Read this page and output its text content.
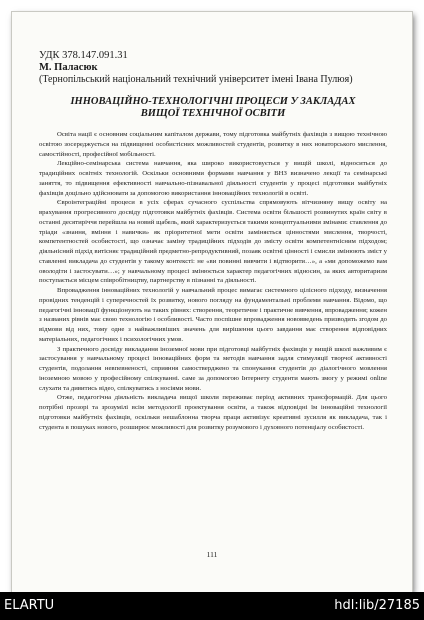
УДК 378.147.091.31
М. Паласюк
(Тернопільський національний технічний університет імені Івана Пулюя)
ІННОВАЦІЙНО-ТЕХНОЛОГІЧНІ ПРОЦЕСИ У ЗАКЛАДАХ
ВИЩОЇ ТЕХНІЧНОЇ ОСВІТИ

Освіта нації є основним соціальним капіталом держави, тому підготовка майбутніх фахівців з вищою технічною освітою зосереджується на підвищенні особистісних можливостей студентів, розвитку в них новаторського мислення, самостійності, професійної мобільності.

Лекційно-семінарська система навчання, яка широко використовується у вищій школі, відноситься до традиційних освітніх технологій. Оскільки основними формами навчання у ВНЗ визначено лекції та семінарські заняття, то підвищення ефективності навчально-пізнавальної діяльності студентів у процесі підготовки майбутніх фахівців доцільно здійснювати за допомогою використання інноваційних технологій в освіті.

Євроінтеграційні процеси в усіх сферах сучасного суспільства спрямовують вітчизняну вищу освіту на врахування прогресивного досвіду підготовки майбутніх фахівців. Система освіти більшості розвинутих країн світу в останні десятиріччя перейшла на новий щабель, який характеризується такими концептуальними змінами: ставлення до тріади «знання, вміння і навички» як пріоритетної мети освіти заміняється цінностями мислення, творчості, компетентностей особистості, що означає заміну традиційних підходів до змісту освіти компетентнісним підходом; діяльнісний підхід витісняє традиційний предметно-репродуктивний, позаяк освітні цінності і смисли змінюють зміст у ставленні викладача до студентів у такому контексті: не «ви повинні вивчити і відтворити…», а «ми допоможемо вам оволодіти і застосувати…»; у навчальному процесі змінюється характер педагогічних відносин, за яких авторитаризм поступається місцем співробітництву, партнерству в пізнанні та діяльності.

Впровадження інноваційних технологій у навчальний процес вимагає системного цілісного підходу, визначення провідних тенденцій і суперечностей їх розвитку, нового погляду на фундаментальні проблеми навчання. Відомо, що педагогічні інновації функціонують на таких рівнях: створення, теоретичне і практичне вивчення, впровадження; кожен з названих рівнів має свою технологію і особливості. Часто поспішне впровадження нововведень призводить згодом до відмови від них, тому одне з найважливіших значень для вирішення цього завдання має створення відповідних матеріальних, педагогічних і психологічних умов.

З практичного досвіду викладання іноземної мови при підготовці майбутніх фахівців у вищій школі важливим є застосування у навчальному процесі інноваційних форм та методів навчання задля стимуляції творчої активності студентів, подолання невпевненості, сприяння самостверджено та спонукання студентів до діалогічного мовлення іноземною мовою у професійному спілкуванні. саме за допомогою Інтернету студенти мають змогу у режимі online слухати та дивитись відео, спілкуватись з носіями мови.

Отже, педагогічна діяльність викладача вищої школи переживає період активних трансформацій. Для цього потрібні прозорі та зрозумілі всім методології проектування освіти, а також відповідні їм інноваційні технології підготовки майбутніх фахівців, оскільки нешаблонна творча праця активізує креативні зусилля як викладача, так і студента в пошуках нового, розширює можливості для розвитку розумового і духовного потенціалу особистості.

111
ELARTU	hdl:lib/27185
